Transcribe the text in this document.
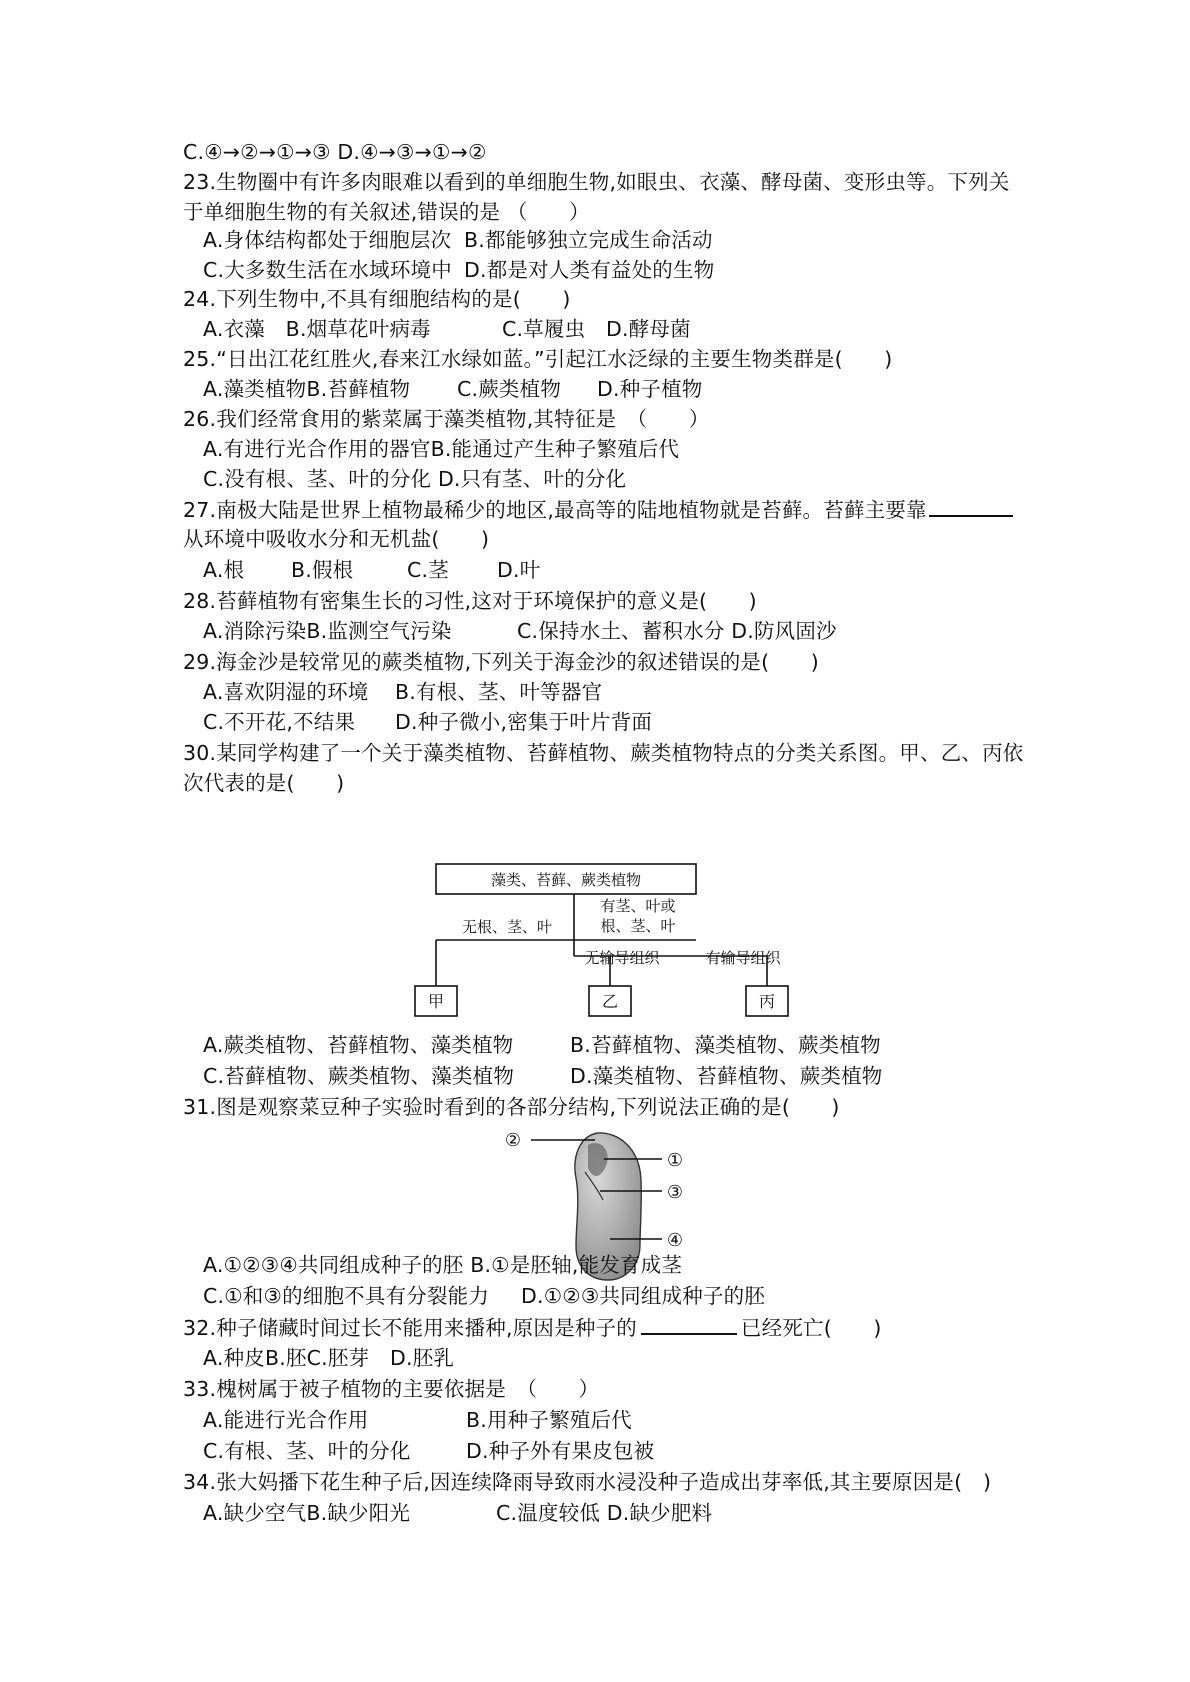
C.④→②→①→③ D.④→③→①→②
23.生物圈中有许多肉眼难以看到的单细胞生物,如眼虫、衣藻、酵母菌、变形虫等。下列关
于单细胞生物的有关叙述,错误的是 （　　）
A.身体结构都处于细胞层次 B.都能够独立完成生命活动
C.大多数生活在水域环境中 D.都是对人类有益处的生物
24.下列生物中,不具有细胞结构的是(　　)
A.衣藻　B.烟草花叶病毒	C.草履虫　D.酵母菌
25.“日出江花红胜火,春来江水绿如蓝。”引起江水泛绿的主要生物类群是(　　)
A.藻类植物B.苔藓植物 C.蕨类植物 D.种子植物
26.我们经常食用的紫菜属于藻类植物,其特征是　（　　）
A.有进行光合作用的器官B.能通过产生种子繁殖后代
C.没有根、茎、叶的分化 D.只有茎、叶的分化
27.南极大陆是世界上植物最稀少的地区,最高等的陆地植物就是苔藓。苔藓主要靠
从环境中吸收水分和无机盐(　　)
A.根 B.假根	C.茎 D.叶
28.苔藓植物有密集生长的习性,这对于环境保护的意义是(　　)
A.消除污染B.监测空气污染	C.保持水土、蓄积水分 D.防风固沙
29.海金沙是较常见的蕨类植物,下列关于海金沙的叙述错误的是(　　)
A.喜欢阴湿的环境 B.有根、茎、叶等器官
C.不开花,不结果 D.种子微小,密集于叶片背面
30.某同学构建了一个关于藻类植物、苔藓植物、蕨类植物特点的分类关系图。甲、乙、丙依
次代表的是(　　)
藻类、苔藓、蕨类植物
无根、茎、叶
有茎、叶或
根、茎、叶
无输导组织	有输导组织
甲	乙	丙
②
①
③
④
A.蕨类植物、苔藓植物、藻类植物	B.苔藓植物、藻类植物、蕨类植物
C.苔藓植物、蕨类植物、藻类植物	D.藻类植物、苔藓植物、蕨类植物
31.图是观察菜豆种子实验时看到的各部分结构,下列说法正确的是(　　)
A.①②③④共同组成种子的胚 B.①是胚轴,能发育成茎
C.①和③的细胞不具有分裂能力 D.①②③共同组成种子的胚
32.种子储藏时间过长不能用来播种,原因是种子的	已经死亡(　　)
A.种皮B.胚C.胚芽　D.胚乳
33.槐树属于被子植物的主要依据是　（　　）
A.能进行光合作用	B.用种子繁殖后代
C.有根、茎、叶的分化	D.种子外有果皮包被
34.张大妈播下花生种子后,因连续降雨导致雨水浸没种子造成出芽率低,其主要原因是(　)
A.缺少空气B.缺少阳光	C.温度较低 D.缺少肥料
